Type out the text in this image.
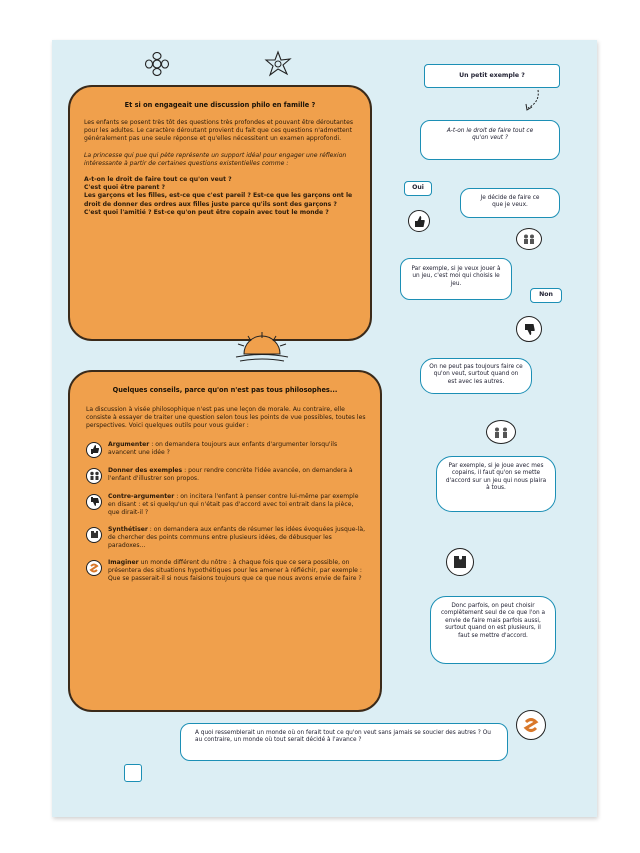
Et si on engageait une discussion philo en famille ?
Les enfants se posent très tôt des questions très profondes et pouvant être déroutantes pour les adultes. Le caractère déroutant provient du fait que ces questions n'admettent généralement pas une seule réponse et qu'elles nécessitent un examen approfondi.
La princesse qui pue qui pète représente un support idéal pour engager une réflexion intéressante à partir de certaines questions existentielles comme :
A-t-on le droit de faire tout ce qu'on veut ?
C'est quoi être parent ?
Les garçons et les filles, est-ce que c'est pareil ? Est-ce que les garçons ont le droit de donner des ordres aux filles juste parce qu'ils sont des garçons ?
C'est quoi l'amitié ? Est-ce qu'on peut être copain avec tout le monde ?
Quelques conseils, parce qu'on n'est pas tous philosophes...
La discussion à visée philosophique n'est pas une leçon de morale. Au contraire, elle consiste à essayer de traiter une question selon tous les points de vue possibles, toutes les perspectives. Voici quelques outils pour vous guider :
Argumenter : on demandera toujours aux enfants d'argumenter lorsqu'ils avancent une idée ?
Donner des exemples : pour rendre concrète l'idée avancée, on demandera à l'enfant d'illustrer son propos.
Contre-argumenter : on incitera l'enfant à penser contre lui-même par exemple en disant : et si quelqu'un qui n'était pas d'accord avec toi entrait dans la pièce, que dirait-il ?
Synthétiser : on demandera aux enfants de résumer les idées évoquées jusque-là, de chercher des points communs entre plusieurs idées, de débusquer les paradoxes...
Imaginer un monde différent du nôtre : à chaque fois que ce sera possible, on présentera des situations hypothétiques pour les amener à réfléchir, par exemple : Que se passerait-il si nous faisions toujours que ce que nous avons envie de faire ?
Un petit exemple ?
A-t-on le droit de faire tout ce qu'on veut ?
Oui
Je décide de faire ce que je veux.
Par exemple, si je veux jouer à un jeu, c'est moi qui choisis le jeu.
Non
On ne peut pas toujours faire ce qu'on veut, surtout quand on est avec les autres.
Par exemple, si je joue avec mes copains, il faut qu'on se mette d'accord sur un jeu qui nous plaira à tous.
Donc parfois, on peut choisir complètement seul de ce que l'on a envie de faire mais parfois aussi, surtout quand on est plusieurs, il faut se mettre d'accord.
A quoi ressemblerait un monde où on ferait tout ce qu'on veut sans jamais se soucier des autres ? Ou au contraire, un monde où tout serait décidé à l'avance ?
